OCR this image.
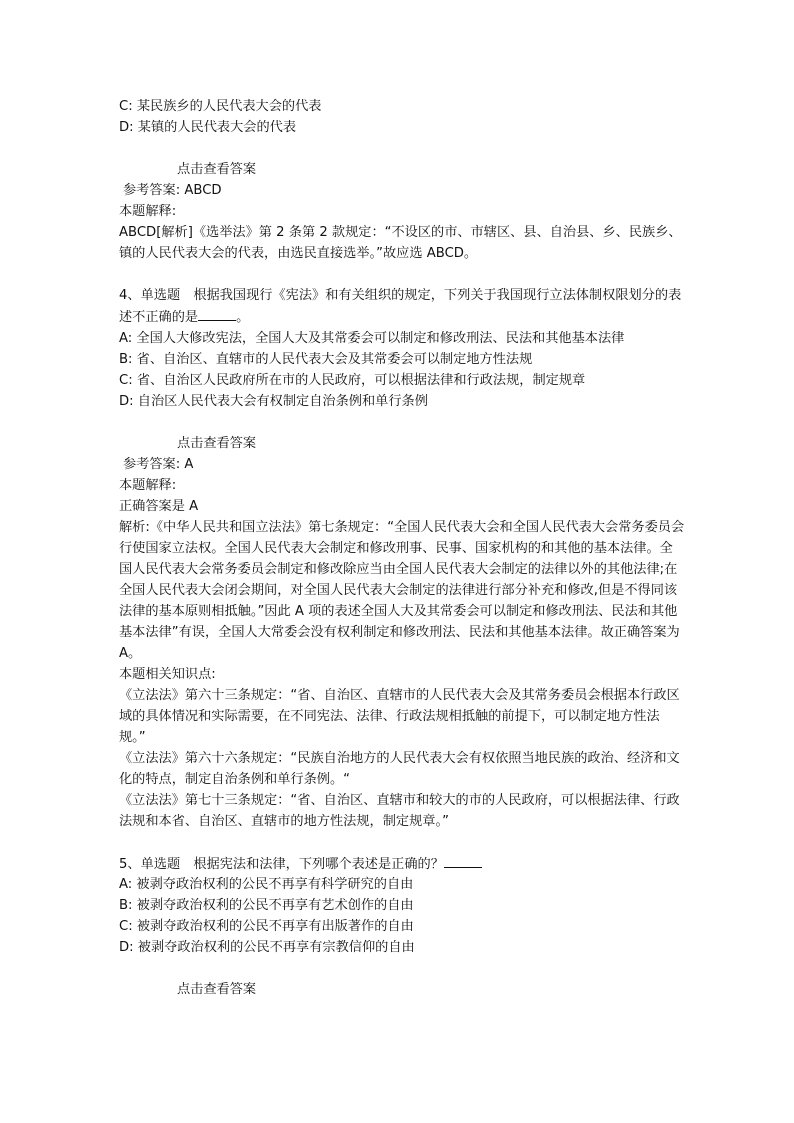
C: 某民族乡的人民代表大会的代表
D: 某镇的人民代表大会的代表
点击查看答案
参考答案: ABCD
本题解释:
ABCD[解析]《选举法》第 2 条第 2 款规定：“不设区的市、市辖区、县、自治县、乡、民族乡、镇的人民代表大会的代表，由选民直接选举。”故应选 ABCD。
4、单选题　根据我国现行《宪法》和有关组织的规定，下列关于我国现行立法体制权限划分的表述不正确的是	。
A: 全国人大修改宪法，全国人大及其常委会可以制定和修改刑法、民法和其他基本法律
B: 省、自治区、直辖市的人民代表大会及其常委会可以制定地方性法规
C: 省、自治区人民政府所在市的人民政府，可以根据法律和行政法规，制定规章
D: 自治区人民代表大会有权制定自治条例和单行条例
点击查看答案
参考答案: A
本题解释:
正确答案是 A
解析:《中华人民共和国立法法》第七条规定：“全国人民代表大会和全国人民代表大会常务委员会行使国家立法权。全国人民代表大会制定和修改刑事、民事、国家机构的和其他的基本法律。全国人民代表大会常务委员会制定和修改除应当由全国人民代表大会制定的法律以外的其他法律;在全国人民代表大会闭会期间，对全国人民代表大会制定的法律进行部分补充和修改,但是不得同该法律的基本原则相抵触。”因此 A 项的表述全国人大及其常委会可以制定和修改刑法、民法和其他基本法律”有误，全国人大常委会没有权利制定和修改刑法、民法和其他基本法律。故正确答案为 A。
本题相关知识点:
《立法法》第六十三条规定：“省、自治区、直辖市的人民代表大会及其常务委员会根据本行政区域的具体情况和实际需要，在不同宪法、法律、行政法规相抵触的前提下，可以制定地方性法规。”
《立法法》第六十六条规定：“民族自治地方的人民代表大会有权依照当地民族的政治、经济和文化的特点，制定自治条例和单行条例。“
《立法法》第七十三条规定：“省、自治区、直辖市和较大的市的人民政府，可以根据法律、行政法规和本省、自治区、直辖市的地方性法规，制定规章。”
5、单选题　根据宪法和法律，下列哪个表述是正确的？
A: 被剥夺政治权利的公民不再享有科学研究的自由
B: 被剥夺政治权利的公民不再享有艺术创作的自由
C: 被剥夺政治权利的公民不再享有出版著作的自由
D: 被剥夺政治权利的公民不再享有宗教信仰的自由
点击查看答案
